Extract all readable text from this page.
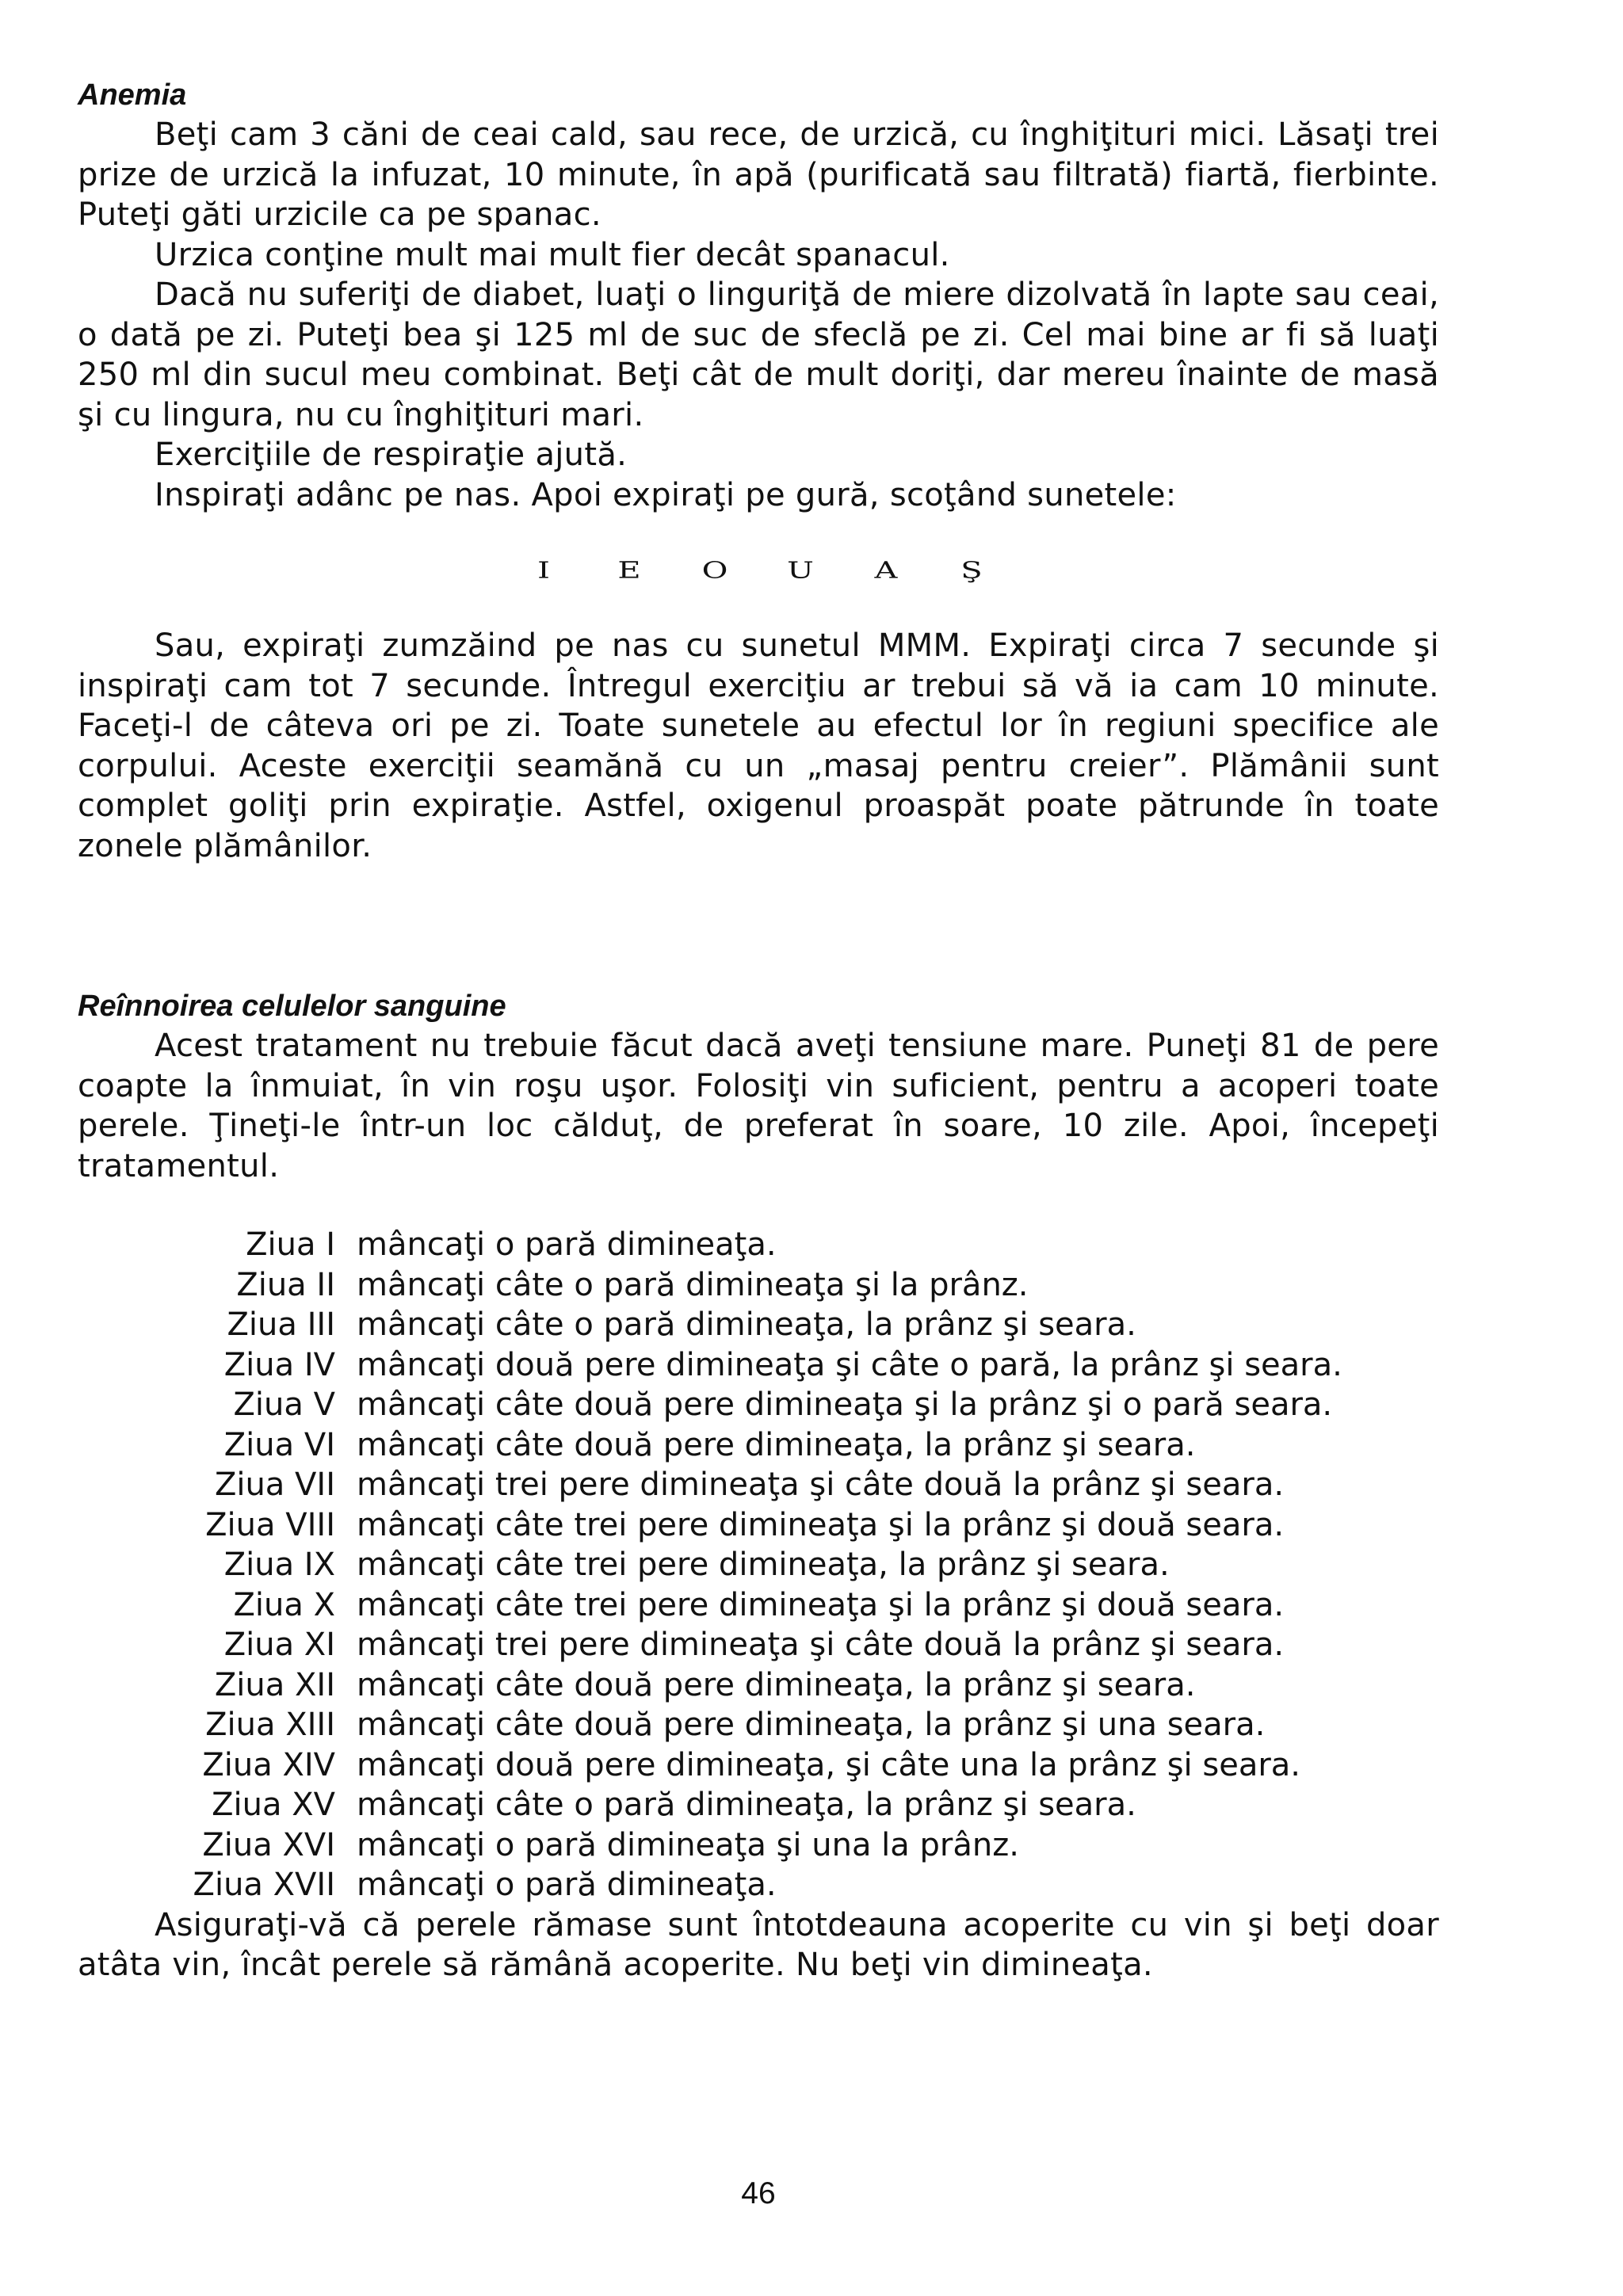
Anemia

Beţi cam 3 căni de ceai cald, sau rece, de urzică, cu înghiţituri mici. Lăsaţi trei prize de urzică la infuzat, 10 minute, în apă (purificată sau filtrată) fiartă, fierbinte. Puteţi găti urzicile ca pe spanac.

Urzica conţine mult mai mult fier decât spanacul.

Dacă nu suferiţi de diabet, luaţi o linguriţă de miere dizolvată în lapte sau ceai, o dată pe zi. Puteţi bea şi 125 ml de suc de sfeclă pe zi. Cel mai bine ar fi să luaţi 250 ml din sucul meu combinat. Beţi cât de mult doriţi, dar mereu înainte de masă şi cu lingura, nu cu înghiţituri mari.

Exerciţiile de respiraţie ajută.

Inspiraţi adânc pe nas. Apoi expiraţi pe gură, scoţând sunetele:

I E O U A Ş

Sau, expiraţi zumzăind pe nas cu sunetul MMM. Expiraţi circa 7 secunde şi inspiraţi cam tot 7 secunde. Întregul exerciţiu ar trebui să vă ia cam 10 minute. Faceţi-l de câteva ori pe zi. Toate sunetele au efectul lor în regiuni specifice ale corpului. Aceste exerciţii seamănă cu un „masaj pentru creier”. Plămânii sunt complet goliţi prin expiraţie. Astfel, oxigenul proaspăt poate pătrunde în toate zonele plămânilor.

Reînnoirea celulelor sanguine

Acest tratament nu trebuie făcut dacă aveţi tensiune mare. Puneţi 81 de pere coapte la înmuiat, în vin roşu uşor. Folosiţi vin suficient, pentru a acoperi toate perele. Ţineţi-le într-un loc călduţ, de preferat în soare, 10 zile. Apoi, începeţi tratamentul.

Ziua I	mâncaţi o pară dimineaţa.
Ziua II	mâncaţi câte o pară dimineaţa şi la prânz.
Ziua III	mâncaţi câte o pară dimineaţa, la prânz şi seara.
Ziua IV	mâncaţi două pere dimineaţa şi câte o pară, la prânz şi seara.
Ziua V	mâncaţi câte două pere dimineaţa şi la prânz şi o pară seara.
Ziua VI	mâncaţi câte două pere dimineaţa, la prânz şi seara.
Ziua VII	mâncaţi trei pere dimineaţa şi câte două la prânz şi seara.
Ziua VIII	mâncaţi câte trei pere dimineaţa şi la prânz şi două seara.
Ziua IX	mâncaţi câte trei pere dimineaţa, la prânz şi seara.
Ziua X	mâncaţi câte trei pere dimineaţa şi la prânz şi două seara.
Ziua XI	mâncaţi trei pere dimineaţa şi câte două la prânz şi seara.
Ziua XII	mâncaţi câte două pere dimineaţa, la prânz şi seara.
Ziua XIII	mâncaţi câte două pere dimineaţa, la prânz şi una seara.
Ziua XIV	mâncaţi două pere dimineaţa, şi câte una la prânz şi seara.
Ziua XV	mâncaţi câte o pară dimineaţa, la prânz şi seara.
Ziua XVI	mâncaţi o pară dimineaţa şi una la prânz.
Ziua XVII	mâncaţi o pară dimineaţa.

Asiguraţi-vă că perele rămase sunt întotdeauna acoperite cu vin şi beţi doar atâta vin, încât perele să rămână acoperite. Nu beţi vin dimineaţa.

46
